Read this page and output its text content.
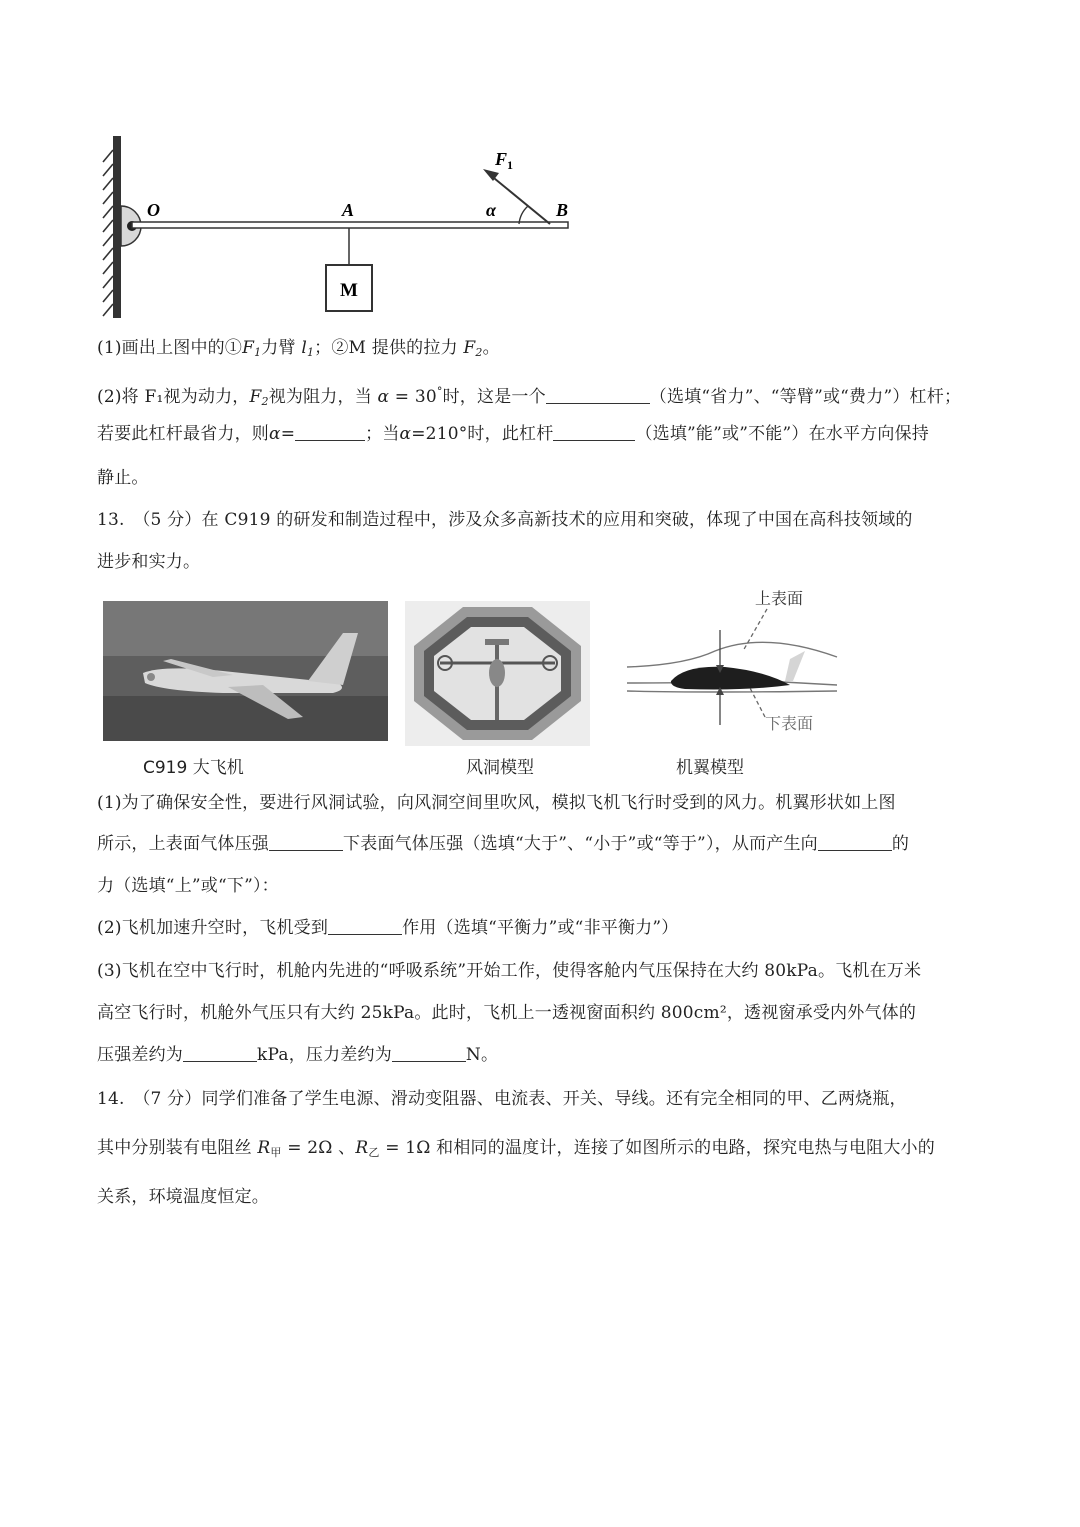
M
O	A	B
α
$F_1$
(1)画出上图中的$①F_1$力臂 $l_1$；②M 提供的拉力 $F_2$。
(2)将 F₁视为动力，$F_2$视为阻力，当 α = 30°时，这是一个	（选填“省力”、“等臂”或“费力”）杠杆；
若要此杠杆最省力，则α=	；当α=210°时，此杠杆	（选填”能”或”不能”）在水平方向保持
静止。
13.　（5 分）在 C919 的研发和制造过程中，涉及众多高新技术的应用和突破，体现了中国在高科技领域的
进步和实力。
上表面
下表面
C919 大飞机	风洞模型	机翼模型
(1)为了确保安全性，要进行风洞试验，向风洞空间里吹风，模拟飞机飞行时受到的风力。机翼形状如上图
所示，上表面气体压强	下表面气体压强（选填“大于”、“小于”或“等于”），从而产生向	的
力（选填“上”或“下”）：
(2)飞机加速升空时，飞机受到	作用（选填“平衡力”或“非平衡力”）
(3)飞机在空中飞行时，机舱内先进的“呼吸系统”开始工作，使得客舱内气压保持在大约 80kPa。飞机在万米
高空飞行时，机舱外气压只有大约 25kPa。此时，飞机上一透视窗面积约 800cm²，透视窗承受内外气体的
压强差约为	kPa，压力差约为	N。
14.　（7 分）同学们准备了学生电源、滑动变阻器、电流表、开关、导线。还有完全相同的甲、乙两烧瓶，
其中分别装有电阻丝 $R_甲 = 2\Omega$ 、$R_乙 = 1\Omega$ 和相同的温度计，连接了如图所示的电路，探究电热与电阻大小的
关系，环境温度恒定。
